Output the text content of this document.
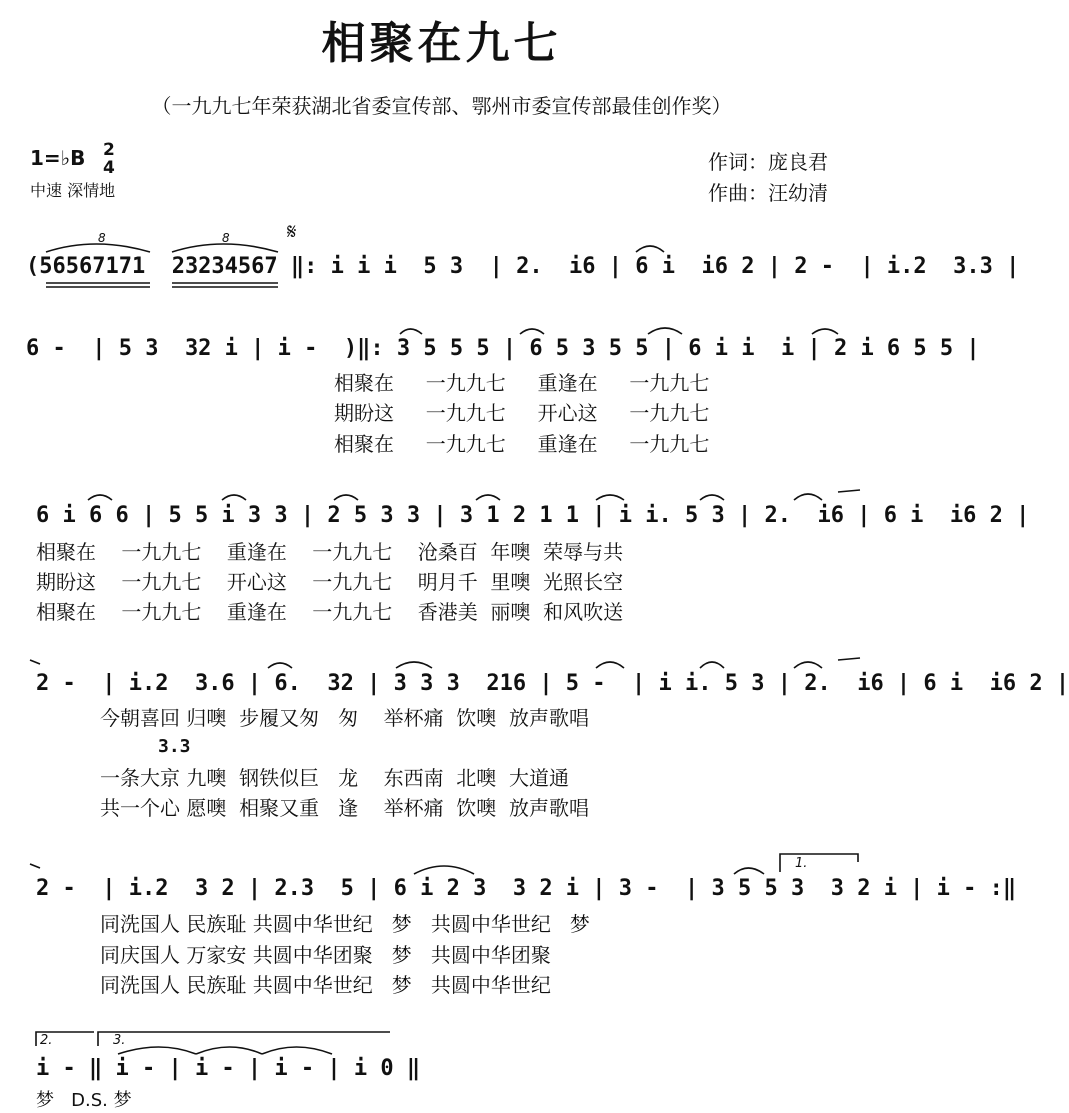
相聚在九七
（一九九七年荣获湖北省委宣传部、鄂州市委宣传部最佳创作奖）
1=♭B 2
4
中速 深情地
作词：庞良君
作曲：汪幼清
𝄋
8	8
(56567171  23234567 ‖: i i i  5 3  | 2.  i6 | 6 i  i6 2 | 2 -  | i.2  3.3 |
6 -  | 5 3  32 i | i -  )‖: 3 5 5 5 | 6 5 3 5 5 | 6 i i  i | 2 i 6 5 5 |
相聚在     一九九七     重逢在     一九九七
期盼这     一九九七     开心这     一九九七
相聚在     一九九七     重逢在     一九九七
6 i 6 6 | 5 5 i 3 3 | 2 5 3 3 | 3 1 2 1 1 | i i. 5 3 | 2.  i6 | 6 i  i6 2 |
相聚在    一九九七    重逢在    一九九七    沧桑百  年噢  荣辱与共
期盼这    一九九七    开心这    一九九七    明月千  里噢  光照长空
相聚在    一九九七    重逢在    一九九七    香港美  丽噢  和风吹送
2 -  | i.2  3.6 | 6.  32 | 3 3 3  216 | 5 -  | i i. 5 3 | 2.  i6 | 6 i  i6 2 |
今朝喜回 归噢  步履又匆   匆    举杯痛  饮噢  放声歌唱
3.3
一条大京 九噢  钢铁似巨   龙    东西南  北噢  大道通
共一个心 愿噢  相聚又重   逢    举杯痛  饮噢  放声歌唱
2 -  | i.2  3 2 | 2.3  5 | 6 i 2 3  3 2 i | 3 -  | 3 5 5 3  3 2 i | i - :‖
1.
同洗国人 民族耻 共圆中华世纪   梦   共圆中华世纪   梦
同庆国人 万家安 共圆中华团聚   梦   共圆中华团聚
同洗国人 民族耻 共圆中华世纪   梦   共圆中华世纪
2.	3.
i - ‖ i - | i - | i - | i 0 ‖
梦   D.S. 梦
